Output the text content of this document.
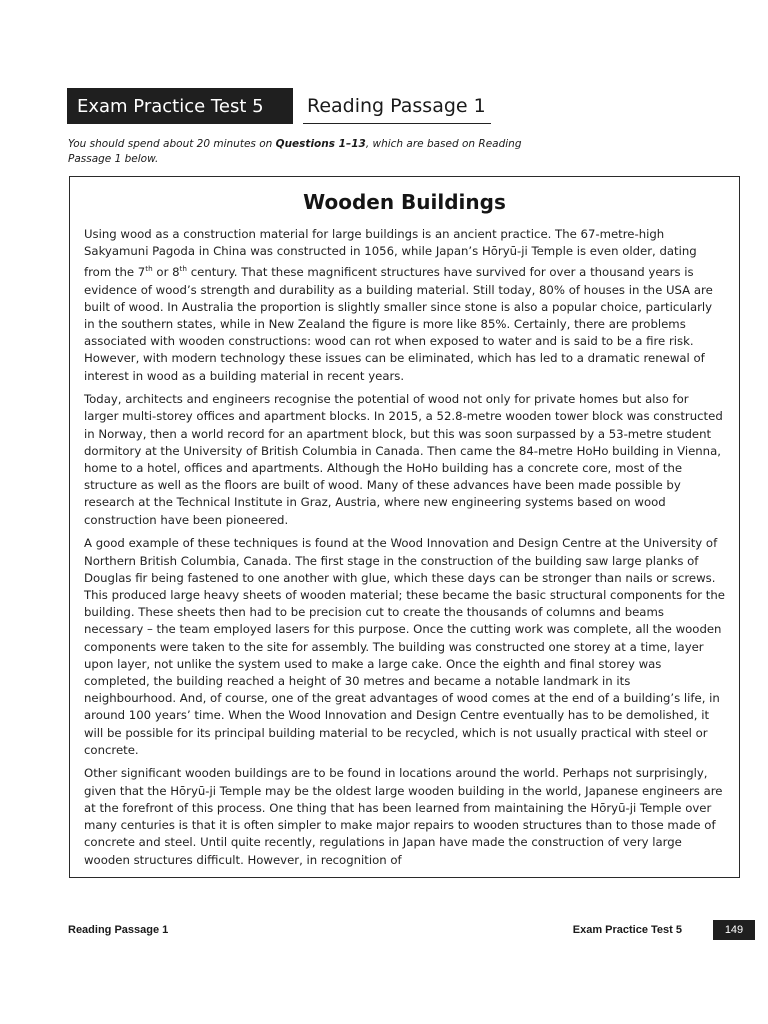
Exam Practice Test 5	Reading Passage 1

You should spend about 20 minutes on Questions 1–13, which are based on Reading Passage 1 below.

Wooden Buildings

Using wood as a construction material for large buildings is an ancient practice. The 67-metre-high Sakyamuni Pagoda in China was constructed in 1056, while Japan’s Hōryū-ji Temple is even older, dating from the 7th or 8th century. That these magnificent structures have survived for over a thousand years is evidence of wood’s strength and durability as a building material. Still today, 80% of houses in the USA are built of wood. In Australia the proportion is slightly smaller since stone is also a popular choice, particularly in the southern states, while in New Zealand the figure is more like 85%. Certainly, there are problems associated with wooden constructions: wood can rot when exposed to water and is said to be a fire risk. However, with modern technology these issues can be eliminated, which has led to a dramatic renewal of interest in wood as a building material in recent years.

Today, architects and engineers recognise the potential of wood not only for private homes but also for larger multi-storey offices and apartment blocks. In 2015, a 52.8-metre wooden tower block was constructed in Norway, then a world record for an apartment block, but this was soon surpassed by a 53-metre student dormitory at the University of British Columbia in Canada. Then came the 84-metre HoHo building in Vienna, home to a hotel, offices and apartments. Although the HoHo building has a concrete core, most of the structure as well as the floors are built of wood. Many of these advances have been made possible by research at the Technical Institute in Graz, Austria, where new engineering systems based on wood construction have been pioneered.

A good example of these techniques is found at the Wood Innovation and Design Centre at the University of Northern British Columbia, Canada. The first stage in the construction of the building saw large planks of Douglas fir being fastened to one another with glue, which these days can be stronger than nails or screws. This produced large heavy sheets of wooden material; these became the basic structural components for the building. These sheets then had to be precision cut to create the thousands of columns and beams necessary – the team employed lasers for this purpose. Once the cutting work was complete, all the wooden components were taken to the site for assembly. The building was constructed one storey at a time, layer upon layer, not unlike the system used to make a large cake. Once the eighth and final storey was completed, the building reached a height of 30 metres and became a notable landmark in its neighbourhood. And, of course, one of the great advantages of wood comes at the end of a building’s life, in around 100 years’ time. When the Wood Innovation and Design Centre eventually has to be demolished, it will be possible for its principal building material to be recycled, which is not usually practical with steel or concrete.

Other significant wooden buildings are to be found in locations around the world. Perhaps not surprisingly, given that the Hōryū-ji Temple may be the oldest large wooden building in the world, Japanese engineers are at the forefront of this process. One thing that has been learned from maintaining the Hōryū-ji Temple over many centuries is that it is often simpler to make major repairs to wooden structures than to those made of concrete and steel. Until quite recently, regulations in Japan have made the construction of very large wooden structures difficult. However, in recognition of

Reading Passage 1	Exam Practice Test 5	149
